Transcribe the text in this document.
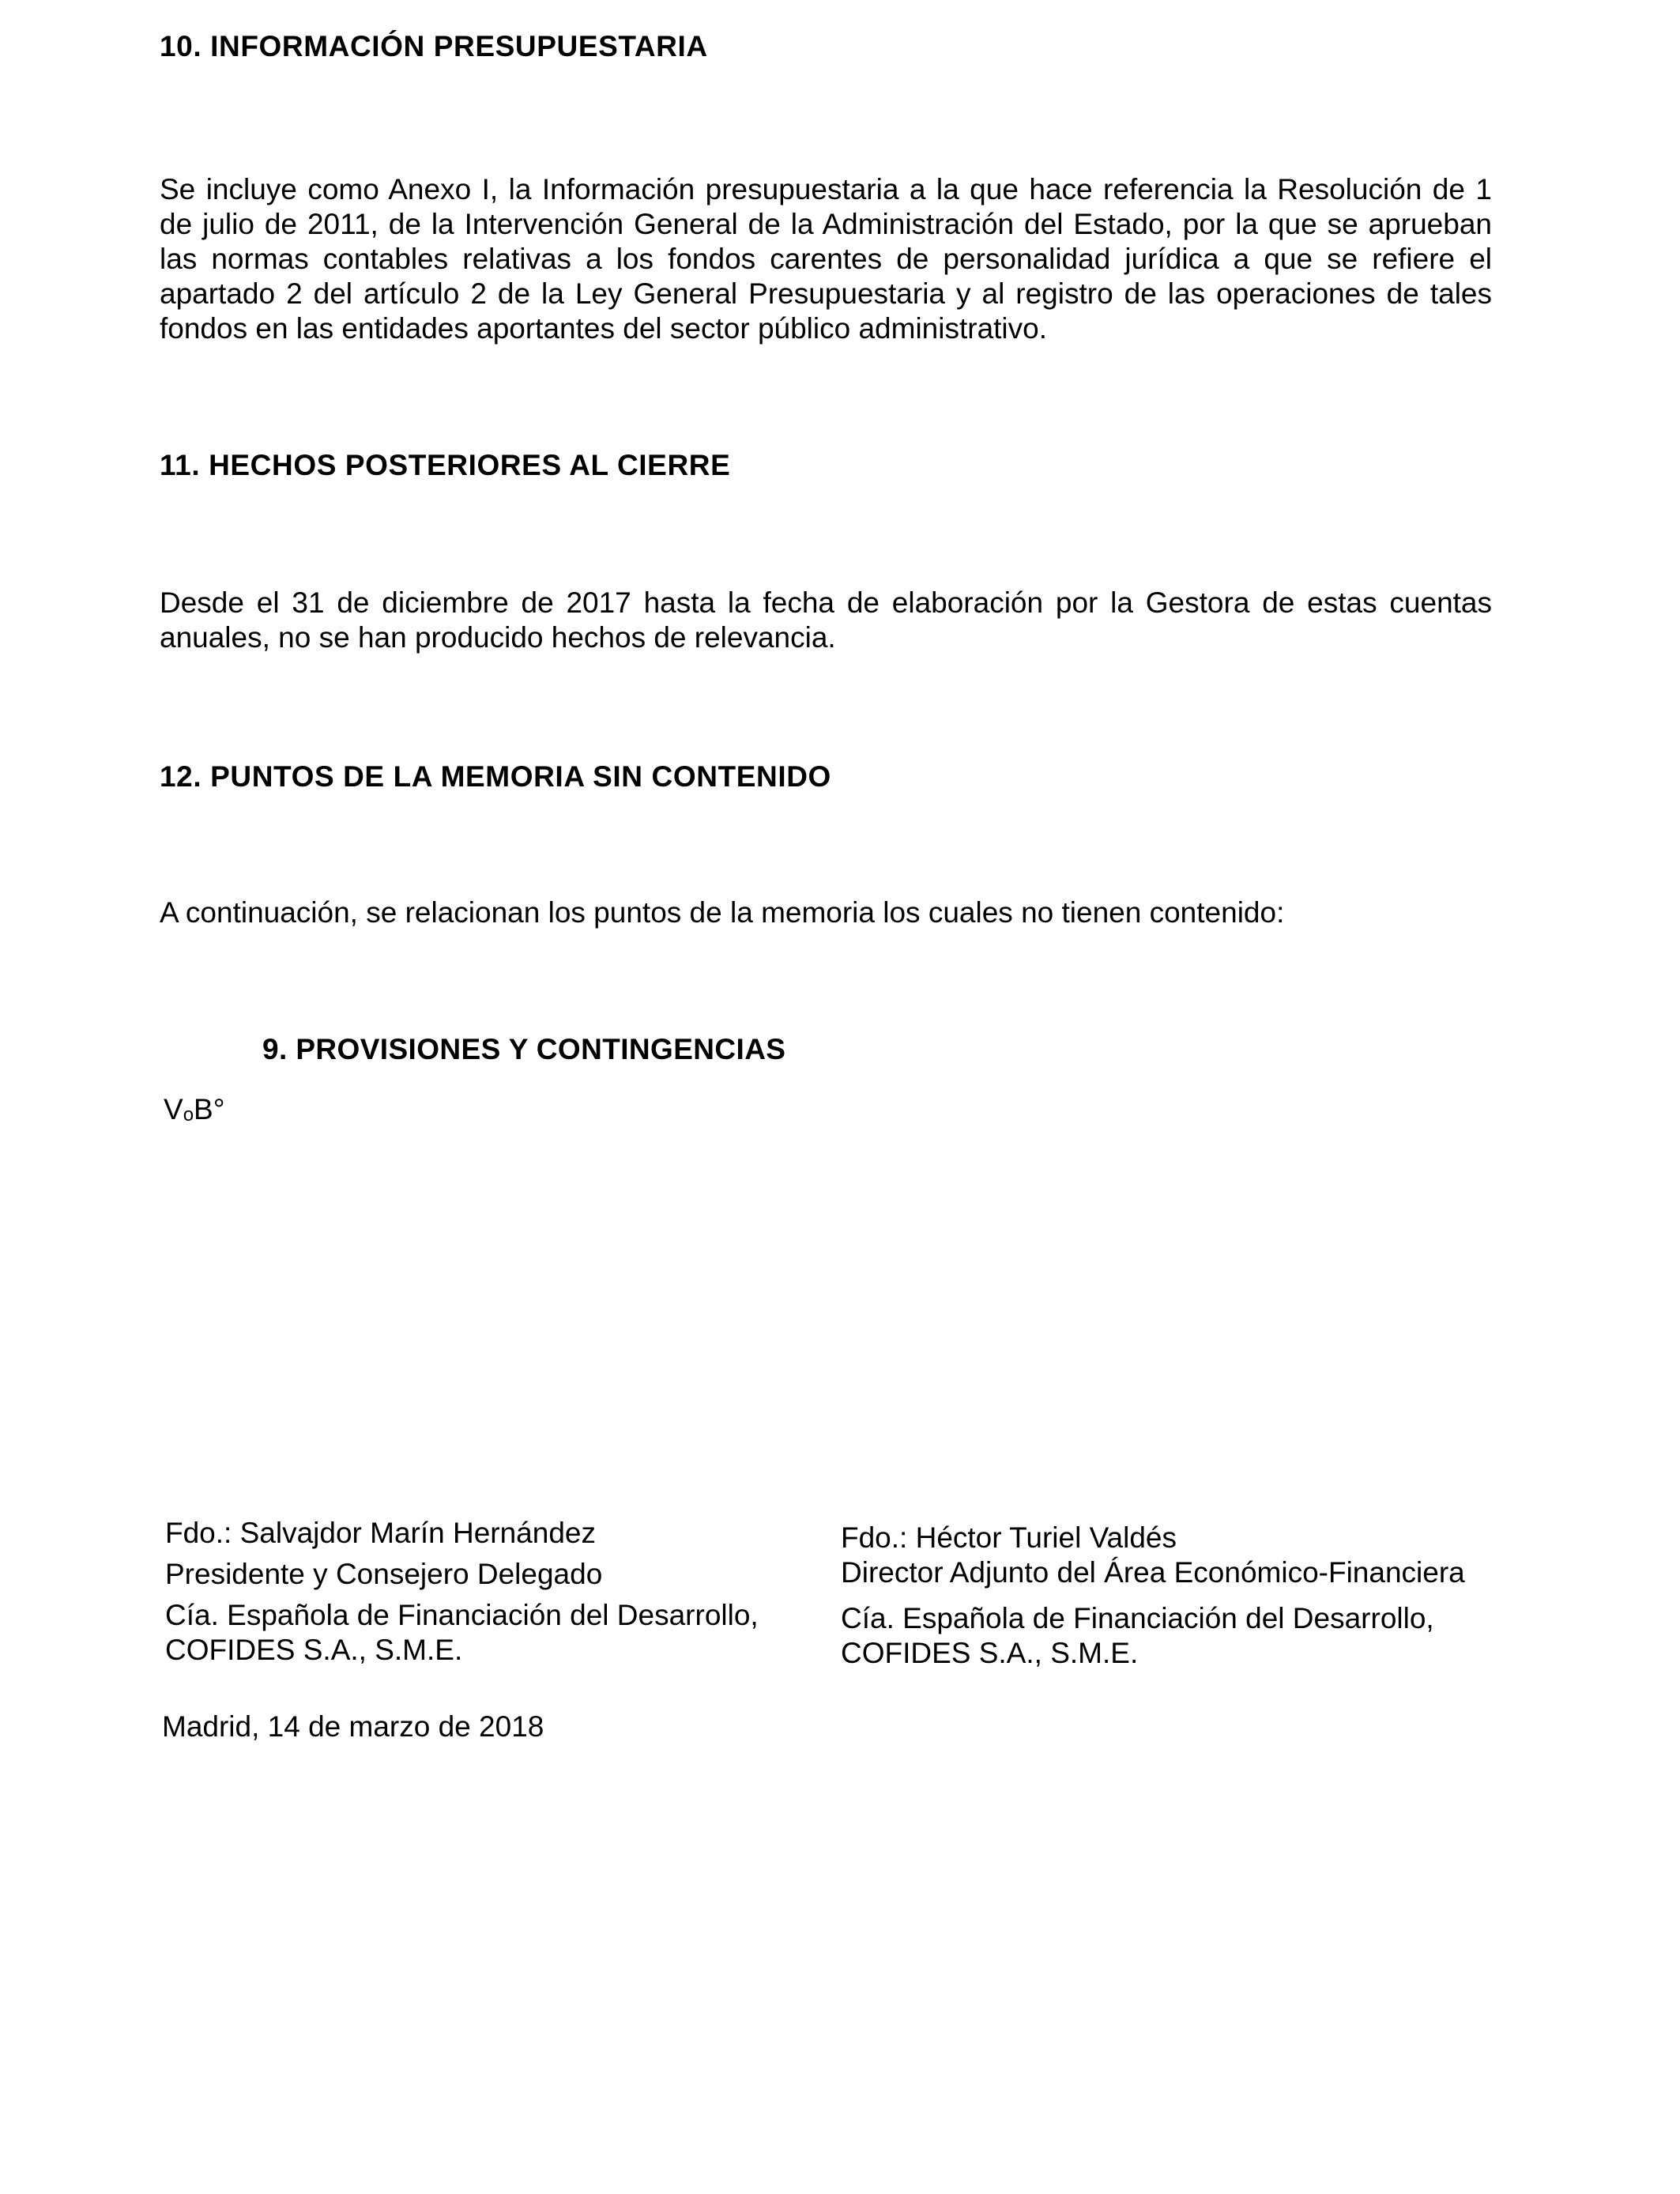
10. INFORMACIÓN PRESUPUESTARIA

Se incluye como Anexo I, la Información presupuestaria a la que hace referencia la Resolución de 1 de julio de 2011, de la Intervención General de la Administración del Estado, por la que se aprueban las normas contables relativas a los fondos carentes de personalidad jurídica a que se refiere el apartado 2 del artículo 2 de la Ley General Presupuestaria y al registro de las operaciones de tales fondos en las entidades aportantes del sector público administrativo.

11. HECHOS POSTERIORES AL CIERRE

Desde el 31 de diciembre de 2017 hasta la fecha de elaboración por la Gestora de estas cuentas anuales, no se han producido hechos de relevancia.

12. PUNTOS DE LA MEMORIA SIN CONTENIDO

A continuación, se relacionan los puntos de la memoria los cuales no tienen contenido:

9. PROVISIONES Y CONTINGENCIAS
VoB°
Fdo.: Salvajdor Marín Hernández
Presidente y Consejero Delegado
Cía. Española de Financiación del Desarrollo,
COFIDES S.A., S.M.E.
Fdo.: Héctor Turiel Valdés
Director Adjunto del Área Económico-Financiera
Cía. Española de Financiación del Desarrollo,
COFIDES S.A., S.M.E.
Madrid, 14 de marzo de 2018
